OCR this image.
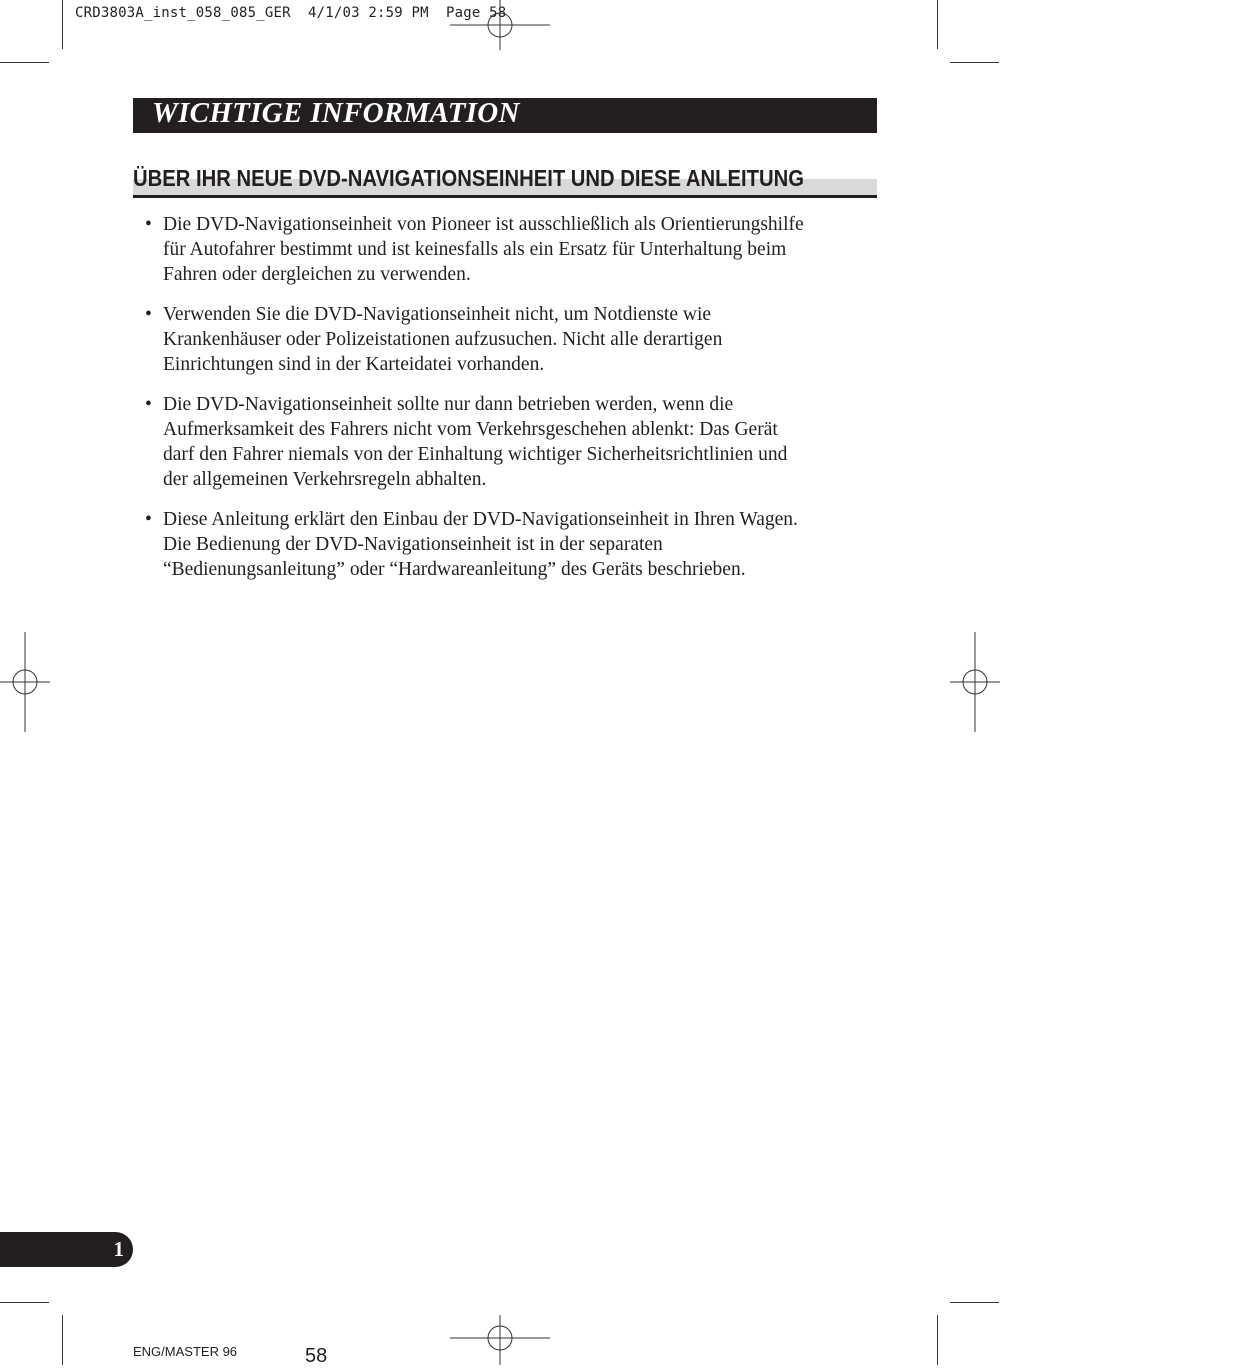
CRD3803A_inst_058_085_GER  4/1/03 2:59 PM  Page 58
WICHTIGE INFORMATION
ÜBER IHR NEUE DVD-NAVIGATIONSEINHEIT UND DIESE ANLEITUNG
• Die DVD-Navigationseinheit von Pioneer ist ausschließlich als Orientierungshilfe
für Autofahrer bestimmt und ist keinesfalls als ein Ersatz für Unterhaltung beim
Fahren oder dergleichen zu verwenden.
• Verwenden Sie die DVD-Navigationseinheit nicht, um Notdienste wie
Krankenhäuser oder Polizeistationen aufzusuchen. Nicht alle derartigen
Einrichtungen sind in der Karteidatei vorhanden.
• Die DVD-Navigationseinheit sollte nur dann betrieben werden, wenn die
Aufmerksamkeit des Fahrers nicht vom Verkehrsgeschehen ablenkt: Das Gerät
darf den Fahrer niemals von der Einhaltung wichtiger Sicherheitsrichtlinien und
der allgemeinen Verkehrsregeln abhalten.
• Diese Anleitung erklärt den Einbau der DVD-Navigationseinheit in Ihren Wagen.
Die Bedienung der DVD-Navigationseinheit ist in der separaten
“Bedienungsanleitung” oder “Hardwareanleitung” des Geräts beschrieben.
1
ENG/MASTER 96	58
